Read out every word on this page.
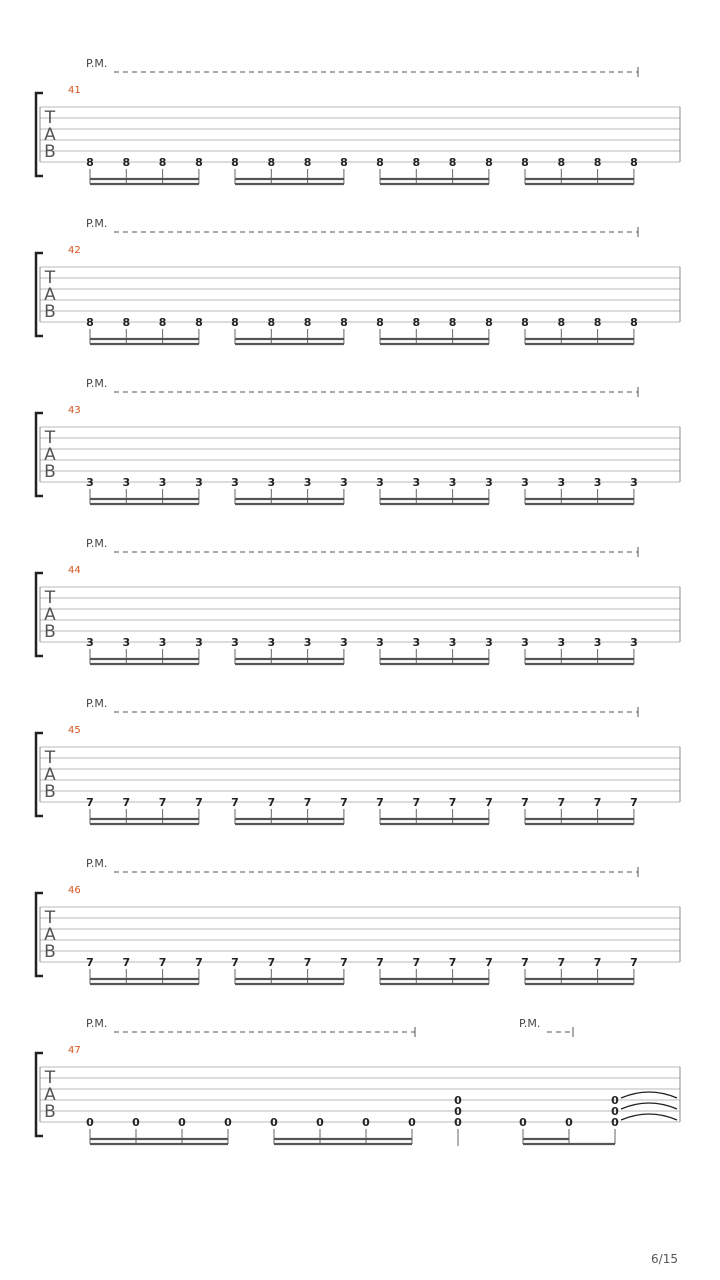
T
A
B
41
P.M.
8	8	8	8	8	8	8	8	8	8	8	8	8	8	8	8
T
A
B
42
P.M.
8	8	8	8	8	8	8	8	8	8	8	8	8	8	8	8
T
A
B
43
P.M.
3	3	3	3	3	3	3	3	3	3	3	3	3	3	3	3
T
A
B
44
P.M.
3	3	3	3	3	3	3	3	3	3	3	3	3	3	3	3
T
A
B
45
P.M.
7	7	7	7	7	7	7	7	7	7	7	7	7	7	7	7
T
A
B
46
P.M.
7	7	7	7	7	7	7	7	7	7	7	7	7	7	7	7
T
A
B
47
P.M.	P.M.
0	0	0	0	0	0	0	0
0
0
0	0	0
0
0
0
6/15
